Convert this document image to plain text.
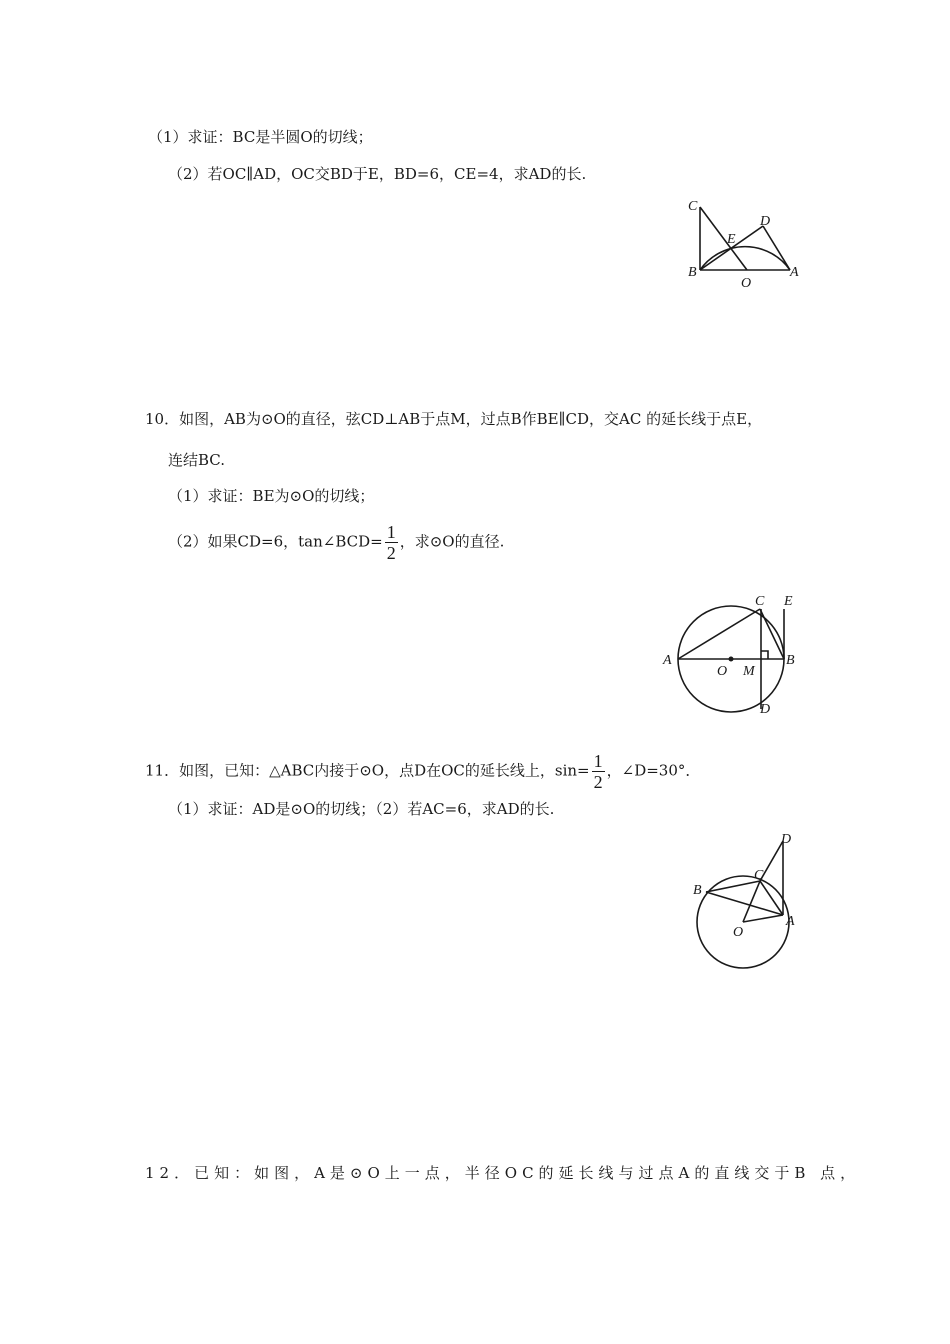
（1）求证：BC是半圆O的切线；
（2）若OC∥AD，OC交BD于E，BD=6，CE=4，求AD的长.
C
D
E
B
O
A
10．如图，AB为⊙O的直径，弦CD⊥AB于点M，过点B作BE∥CD，交AC 的延长线于点E，
连结BC.
（1）求证：BE为⊙O的切线；
（2）如果CD=6，tan∠BCD= $\frac{1}{2}$ ，求⊙O的直径.
C E
A
O M
B
D
11．如图，已知：△ABC内接于⊙O，点D在OC的延长线上，$\sin= \frac{1}{2}$ ，∠D=30°．
（1）求证：AD是⊙O的切线；（2）若AC=6，求AD的长.
D
C
B
O
A
12．已知：如图，A是⊙O上一点，半径OC的延长线与过点A的直线交于B 点，
